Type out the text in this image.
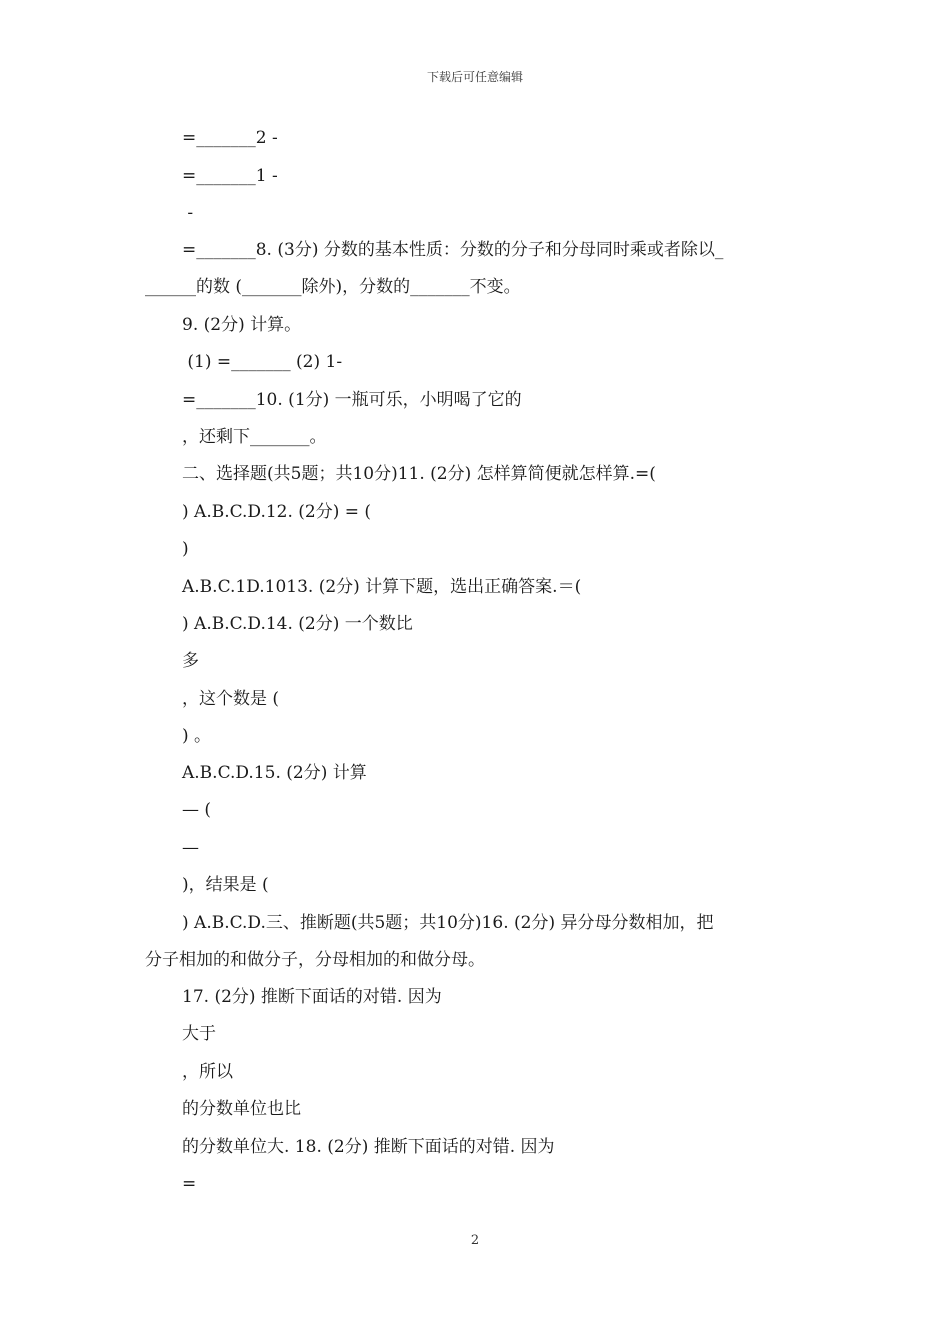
下载后可任意编辑
=_______2 -
=_______1 -
-
=_______8. (3分) 分数的基本性质：分数的分子和分母同时乘或者除以_
______的数 (_______除外)，分数的_______不变。
9. (2分) 计算。
(1) =_______ (2) 1-
=_______10. (1分) 一瓶可乐，小明喝了它的
，还剩下_______。
二、选择题(共5题；共10分)11. (2分) 怎样算简便就怎样算.=(
) A.B.C.D.12. (2分) = (
)
A.B.C.1D.1013. (2分) 计算下题，选出正确答案.＝(
) A.B.C.D.14. (2分) 一个数比
多
，这个数是 (
) 。
A.B.C.D.15. (2分) 计算
— (
—
)，结果是 (
) A.B.C.D.三、推断题(共5题；共10分)16. (2分) 异分母分数相加，把
分子相加的和做分子，分母相加的和做分母。
17. (2分) 推断下面话的对错. 因为
大于
，所以
的分数单位也比
的分数单位大. 18. (2分) 推断下面话的对错. 因为
=
2
